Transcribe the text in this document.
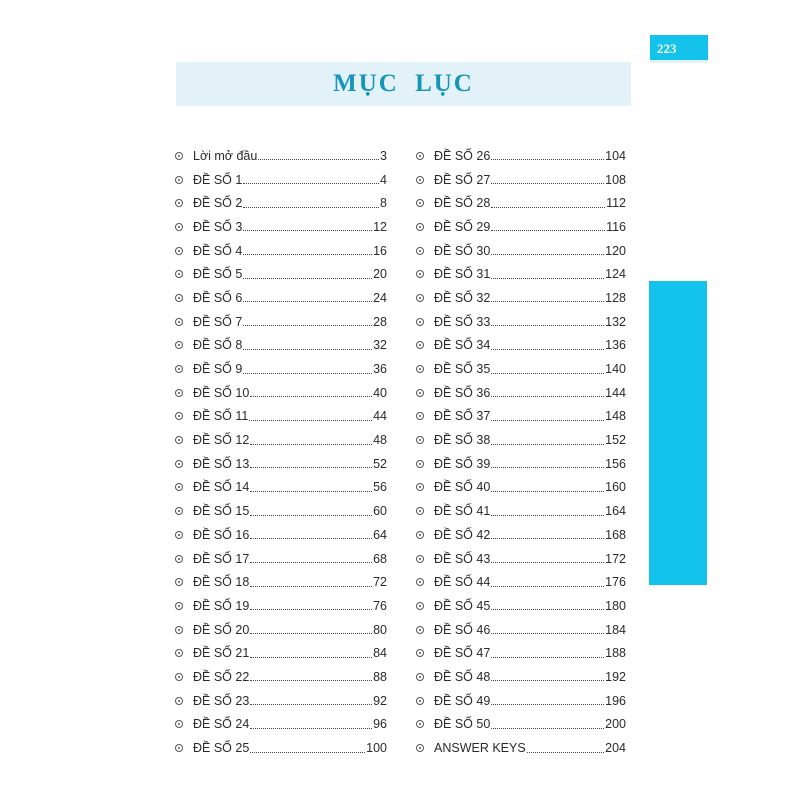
223
MỤC LỤC
Lời mở đầu	3
ĐỀ SỐ 1	4
ĐỀ SỐ 2	8
ĐỀ SỐ 3	12
ĐỀ SỐ 4	16
ĐỀ SỐ 5	20
ĐỀ SỐ 6	24
ĐỀ SỐ 7	28
ĐỀ SỐ 8	32
ĐỀ SỐ 9	36
ĐỀ SỐ 10	40
ĐỀ SỐ 11	44
ĐỀ SỐ 12	48
ĐỀ SỐ 13	52
ĐỀ SỐ 14	56
ĐỀ SỐ 15	60
ĐỀ SỐ 16	64
ĐỀ SỐ 17	68
ĐỀ SỐ 18	72
ĐỀ SỐ 19	76
ĐỀ SỐ 20	80
ĐỀ SỐ 21	84
ĐỀ SỐ 22	88
ĐỀ SỐ 23	92
ĐỀ SỐ 24	96
ĐỀ SỐ 25	100
ĐỀ SỐ 26	104
ĐỀ SỐ 27	108
ĐỀ SỐ 28	112
ĐỀ SỐ 29	116
ĐỀ SỐ 30	120
ĐỀ SỐ 31	124
ĐỀ SỐ 32	128
ĐỀ SỐ 33	132
ĐỀ SỐ 34	136
ĐỀ SỐ 35	140
ĐỀ SỐ 36	144
ĐỀ SỐ 37	148
ĐỀ SỐ 38	152
ĐỀ SỐ 39	156
ĐỀ SỐ 40	160
ĐỀ SỐ 41	164
ĐỀ SỐ 42	168
ĐỀ SỐ 43	172
ĐỀ SỐ 44	176
ĐỀ SỐ 45	180
ĐỀ SỐ 46	184
ĐỀ SỐ 47	188
ĐỀ SỐ 48	192
ĐỀ SỐ 49	196
ĐỀ SỐ 50	200
ANSWER KEYS	204
